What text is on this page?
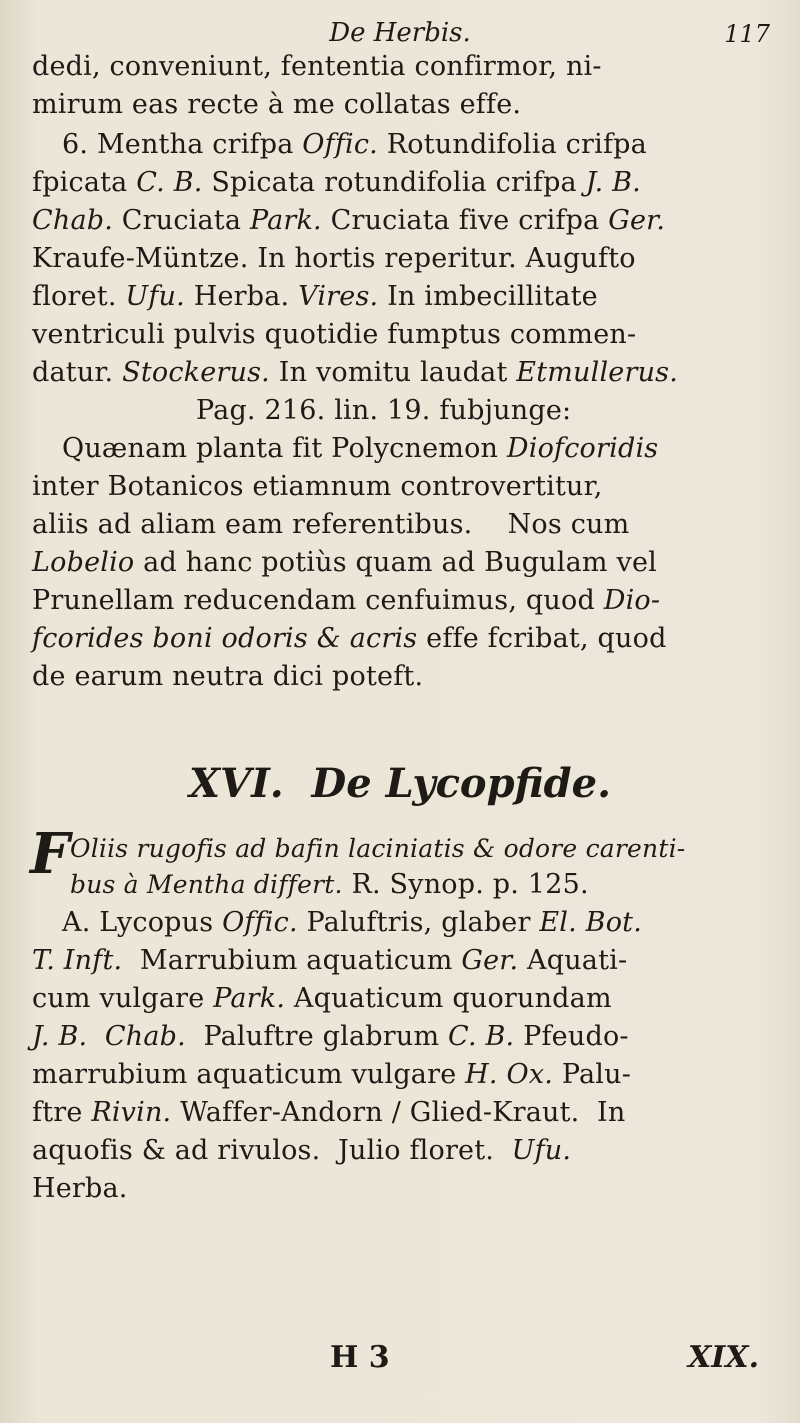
De Herbis.	117
dedi, conveniunt, fententia confirmor, ni-
mirum eas recte à me collatas effe.
6. Mentha crifpa Offic. Rotundifolia crifpa
fpicata C. B. Spicata rotundifolia crifpa J. B.
Chab. Cruciata Park. Cruciata five crifpa Ger.
Kraufe-Müntze. In hortis reperitur. Augufto
floret. Ufu. Herba. Vires. In imbecillitate
ventriculi pulvis quotidie fumptus commen-
datur. Stockerus. In vomitu laudat Etmullerus.
Pag. 216. lin. 19. fubjunge:
Quænam planta fit Polycnemon Diofcoridis
inter Botanicos etiamnum controvertitur,
aliis ad aliam eam referentibus.    Nos cum
Lobelio ad hanc potiùs quam ad Bugulam vel
Prunellam reducendam cenfuimus, quod Dio-
fcorides boni odoris & acris effe fcribat, quod
de earum neutra dici poteft.
XVI.  De Lycopfide.
F Oliis rugofis ad bafin laciniatis & odore carenti-
bus à Mentha differt. R. Synop. p. 125.
A. Lycopus Offic. Paluftris, glaber El. Bot.
T. Inft.  Marrubium aquaticum Ger. Aquati-
cum vulgare Park. Aquaticum quorundam
J. B.  Chab.  Paluftre glabrum C. B. Pfeudo-
marrubium aquaticum vulgare H. Ox. Palu-
ftre Rivin. Waffer-Andorn / Glied-Kraut.  In
aquofis & ad rivulos.  Julio floret.  Ufu.
Herba.
H 3	XIX.
